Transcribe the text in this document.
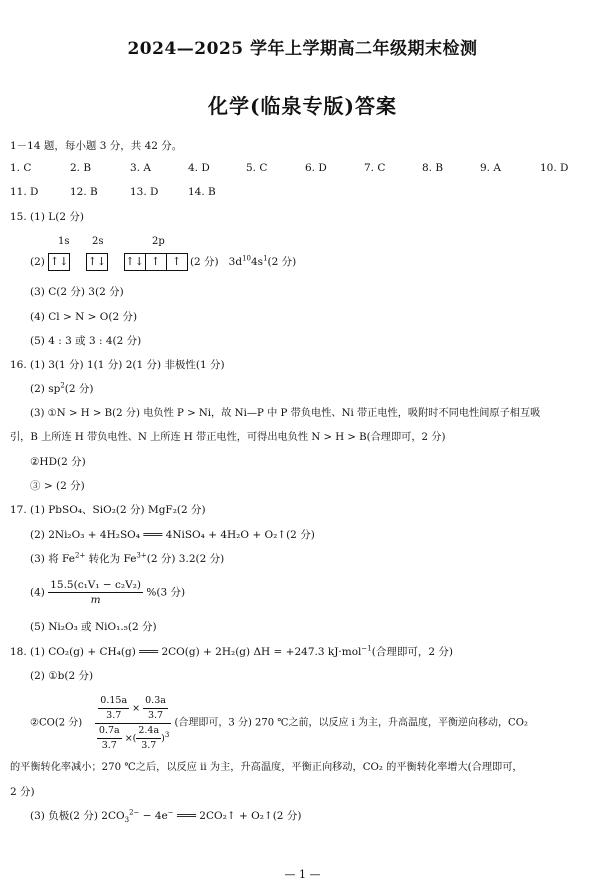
2024—2025 学年上学期高二年级期末检测
化学(临泉专版)答案
1－14 题，每小题 3 分，共 42 分。
1. C	2. B	3. A	4. D	5. C	6. D	7. C	8. B	9. A	10. D
11. D	12. B	13. D	14. B
15. (1) L(2 分)
1s 2s	2p
(2) ↑↓ ↑↓ ↑↓ ↑ ↑ (2 分) $3d^{10}4s^1(2$ 分)
(3) C(2 分) 3(2 分)
(4) Cl > N > O(2 分)
(5) 4 : 3 或 3 : 4(2 分)
16. (1) 3(1 分) 1(1 分) 2(1 分) 非极性(1 分)
(2) $sp^2(2$ 分)
(3) ①N > H > B(2 分) 电负性 P > Ni，故 Ni—P 中 P 带负电性、Ni 带正电性，吸附时不同电性间原子相互吸
引，B 上所连 H 带负电性、N 上所连 H 带正电性，可得出电负性 N > H > B(合理即可，2 分)
②HD(2 分)
③ > (2 分)
17. (1) PbSO₄、SiO₂(2 分) MgF₂(2 分)
(2) 2Ni₂O₃ + 4H₂SO₄ ═══ 4NiSO₄ + 4H₂O + O₂↑(2 分)
(3) 将 $Fe^{2+}$ 转化为 $Fe^{3+}(2$ 分) 3.2(2 分)
$(4) \frac{\text{15.5(c₁V₁ − c₂V₂)}}{m} \%(3$ 分)
(5) Ni₂O₃ 或 NiO₁.₅(2 分)
18. (1) CO₂(g) + CH₄(g) ═══ 2CO(g) + 2H₂(g) ΔH = +247.3 kJ·mol$^{-1}$(合理即可，2 分)
(2) ①b(2 分)
②CO(2 分) $\frac{\frac{0.15a}{3.7} \times \frac{0.3a}{3.7}}{\frac{0.7a}{3.7} \times( \frac{2.4a}{3.7} )^3}$ (合理即可，3 分) 270 ℃之前，以反应 ⅰ 为主，升高温度，平衡逆向移动，CO₂
的平衡转化率减小；270 ℃之后，以反应 ⅱ 为主，升高温度，平衡正向移动，CO₂ 的平衡转化率增大(合理即可，
2 分)
(3) 负极(2 分) $2CO_3^{2-} - 4e^-$ ═══ 2CO₂↑ + O₂↑(2 分)
— 1 —
